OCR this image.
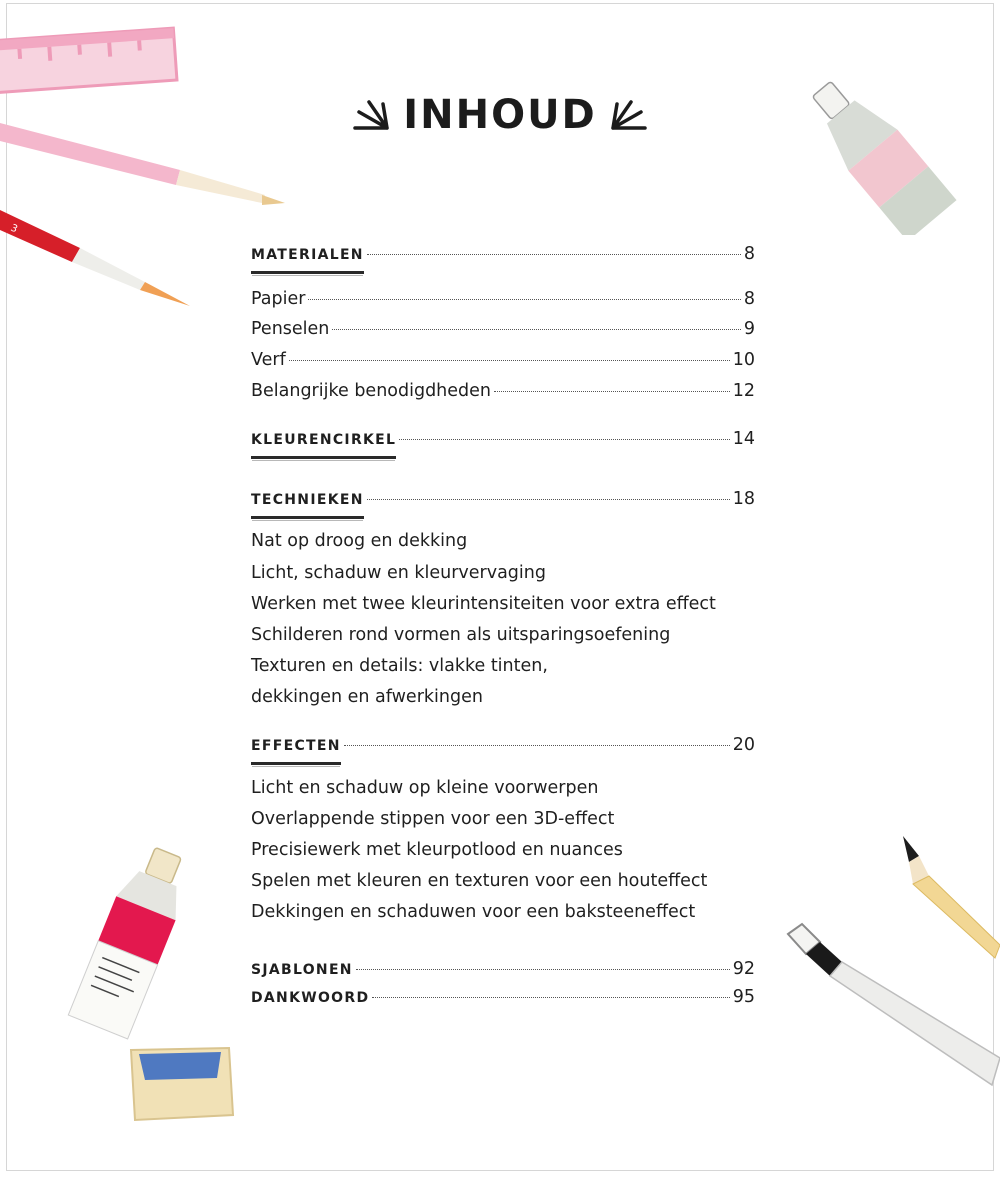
3
INHOUD
MATERIALEN	8
Papier	8
Penselen	9
Verf	10
Belangrijke benodigdheden	12
KLEURENCIRKEL	14
TECHNIEKEN	18
Nat op droog en dekking
Licht, schaduw en kleurvervaging
Werken met twee kleurintensiteiten voor extra effect
Schilderen rond vormen als uitsparingsoefening
Texturen en details: vlakke tinten,
dekkingen en afwerkingen
EFFECTEN	20
Licht en schaduw op kleine voorwerpen
Overlappende stippen voor een 3D-effect
Precisiewerk met kleurpotlood en nuances
Spelen met kleuren en texturen voor een houteffect
Dekkingen en schaduwen voor een baksteeneffect
SJABLONEN	92
DANKWOORD	95
